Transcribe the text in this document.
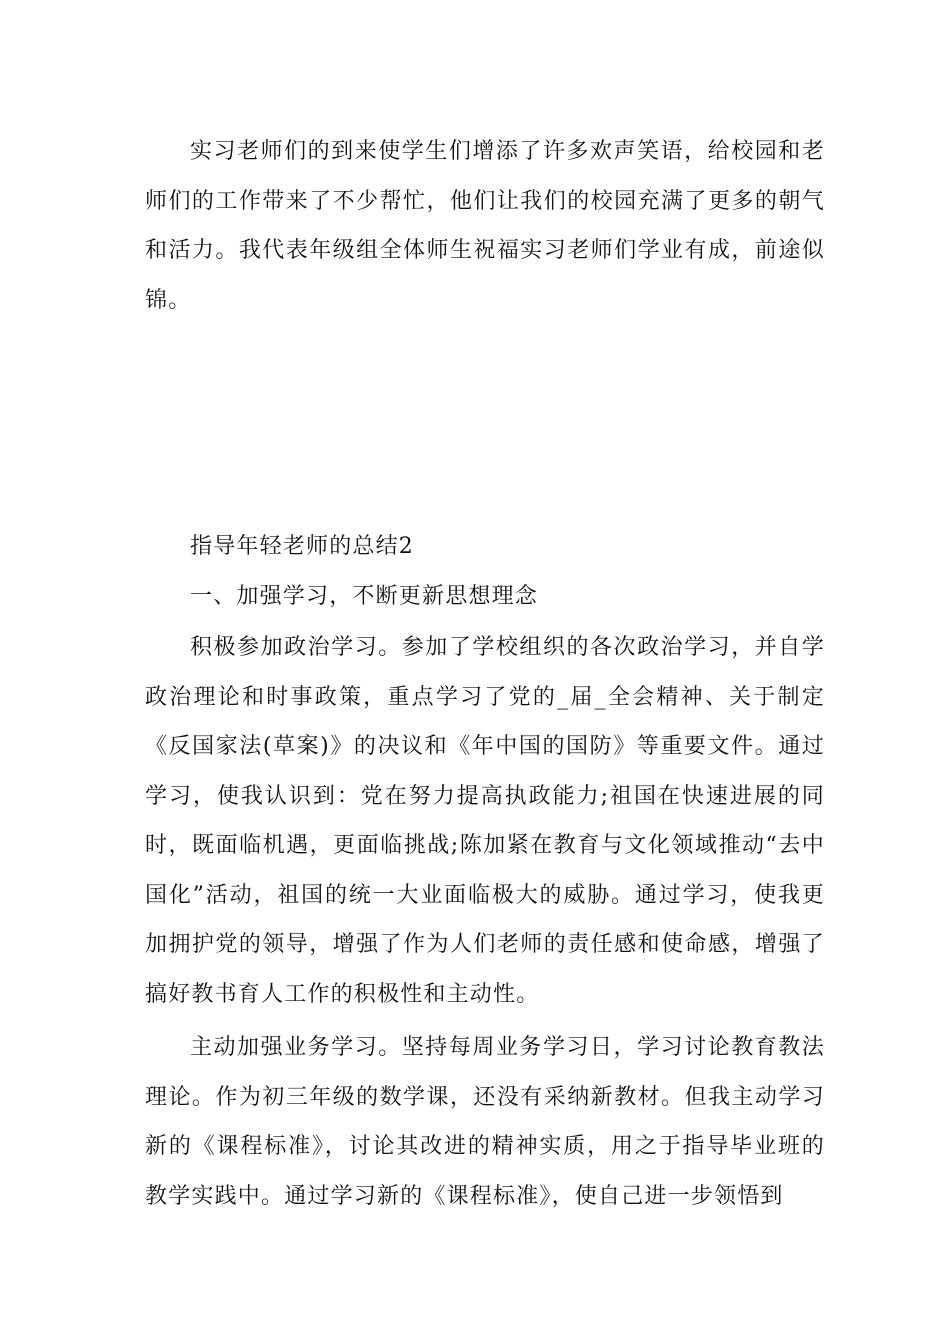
实习老师们的到来使学生们增添了许多欢声笑语，给校园和老师们的工作带来了不少帮忙，他们让我们的校园充满了更多的朝气和活力。我代表年级组全体师生祝福实习老师们学业有成，前途似锦。

指导年轻老师的总结2
一、加强学习，不断更新思想理念

积极参加政治学习。参加了学校组织的各次政治学习，并自学政治理论和时事政策，重点学习了党的_届_全会精神、关于制定《反国家法(草案)》的决议和《年中国的国防》等重要文件。通过学习，使我认识到：党在努力提高执政能力;祖国在快速进展的同时，既面临机遇，更面临挑战;陈加紧在教育与文化领域推动“去中国化”活动，祖国的统一大业面临极大的威胁。通过学习，使我更加拥护党的领导，增强了作为人们老师的责任感和使命感，增强了搞好教书育人工作的积极性和主动性。

主动加强业务学习。坚持每周业务学习日，学习讨论教育教法理论。作为初三年级的数学课，还没有采纳新教材。但我主动学习新的《课程标准》，讨论其改进的精神实质，用之于指导毕业班的教学实践中。通过学习新的《课程标准》，使自己进一步领悟到
